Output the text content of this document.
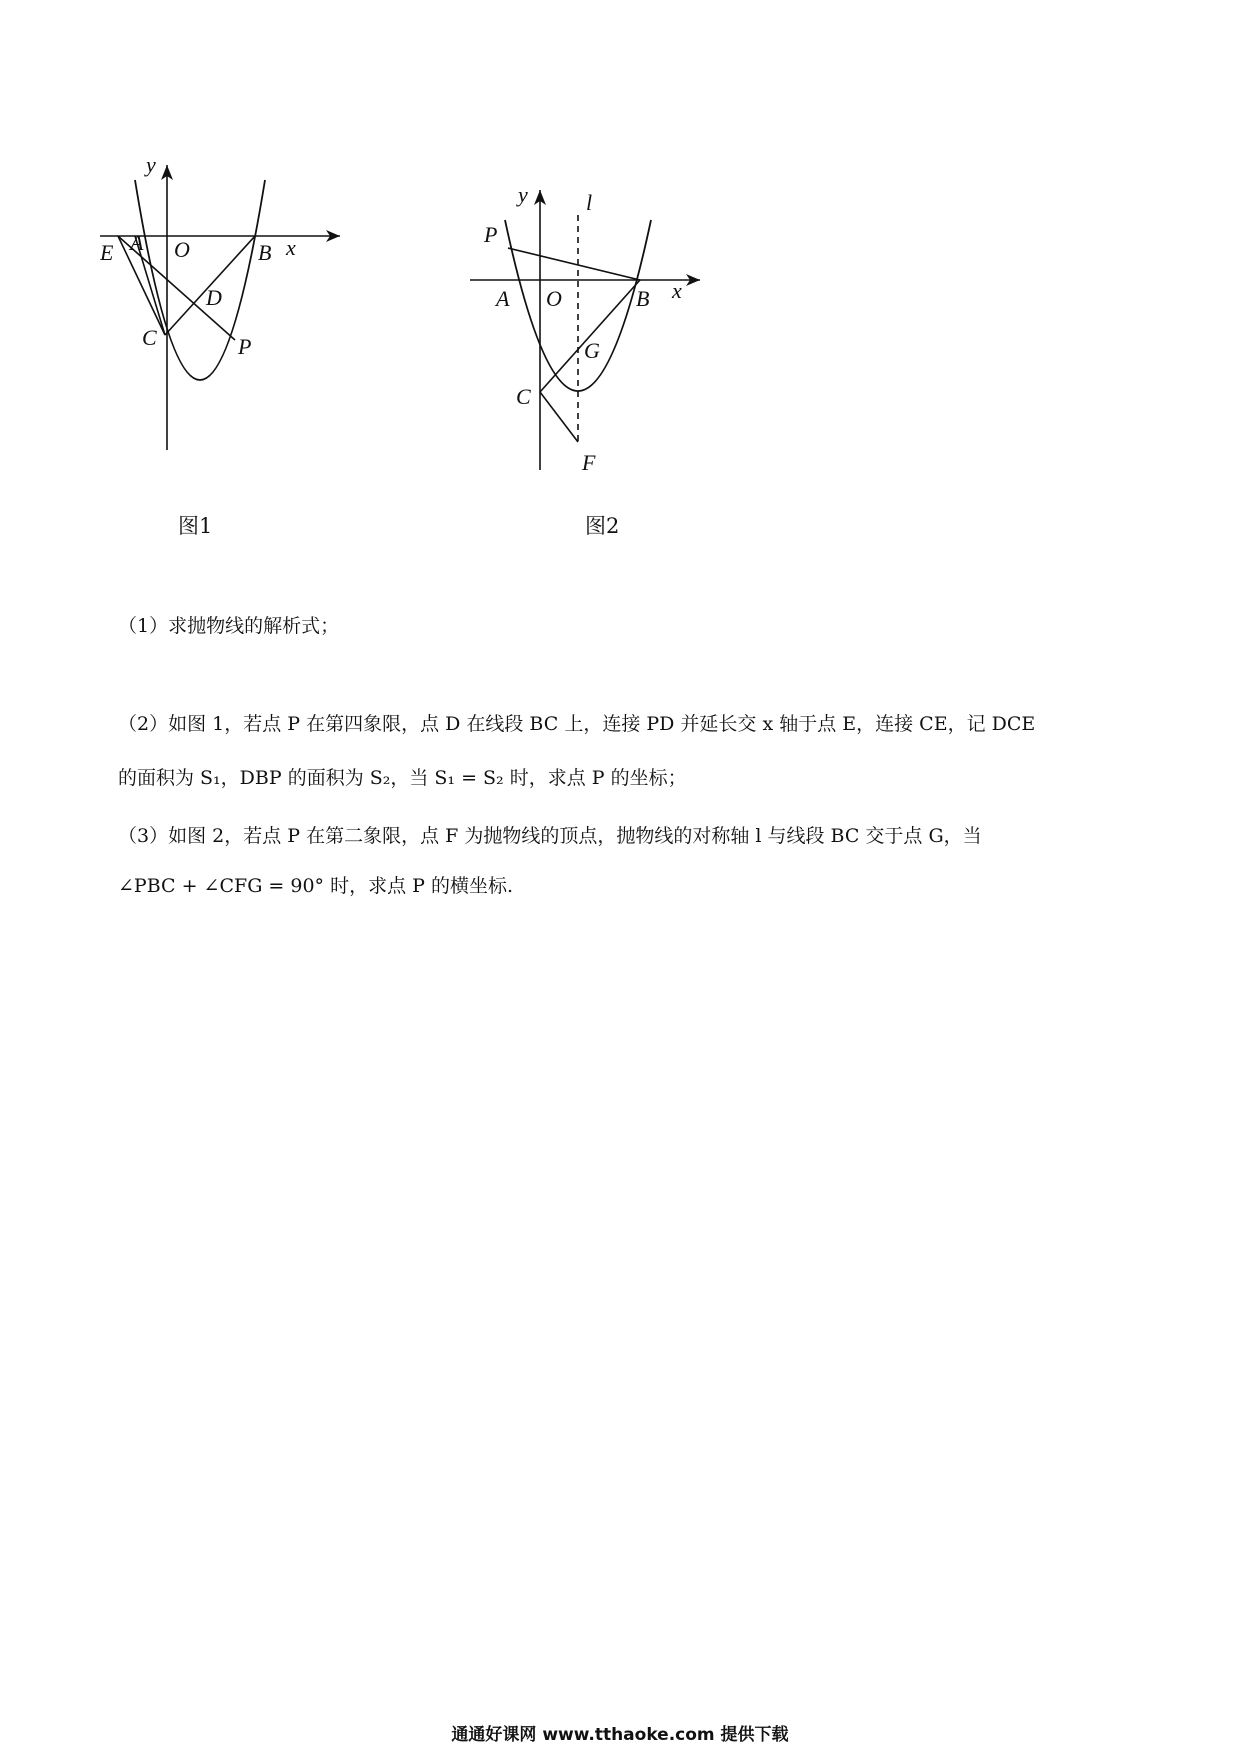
y
x
E A O	B
D
C	P
图1
y	l
P
A O	B x
G
C
F
图2
（1）求抛物线的解析式；
（2）如图 1，若点 P 在第四象限，点 D 在线段 BC 上，连接 PD 并延长交 x 轴于点 E，连接 CE，记 DCE
的面积为 S₁，DBP 的面积为 S₂，当 S₁ = S₂ 时，求点 P 的坐标；
（3）如图 2，若点 P 在第二象限，点 F 为抛物线的顶点，抛物线的对称轴 l 与线段 BC 交于点 G，当
∠PBC + ∠CFG = 90° 时，求点 P 的横坐标.
通通好课网 www.tthaoke.com 提供下载
